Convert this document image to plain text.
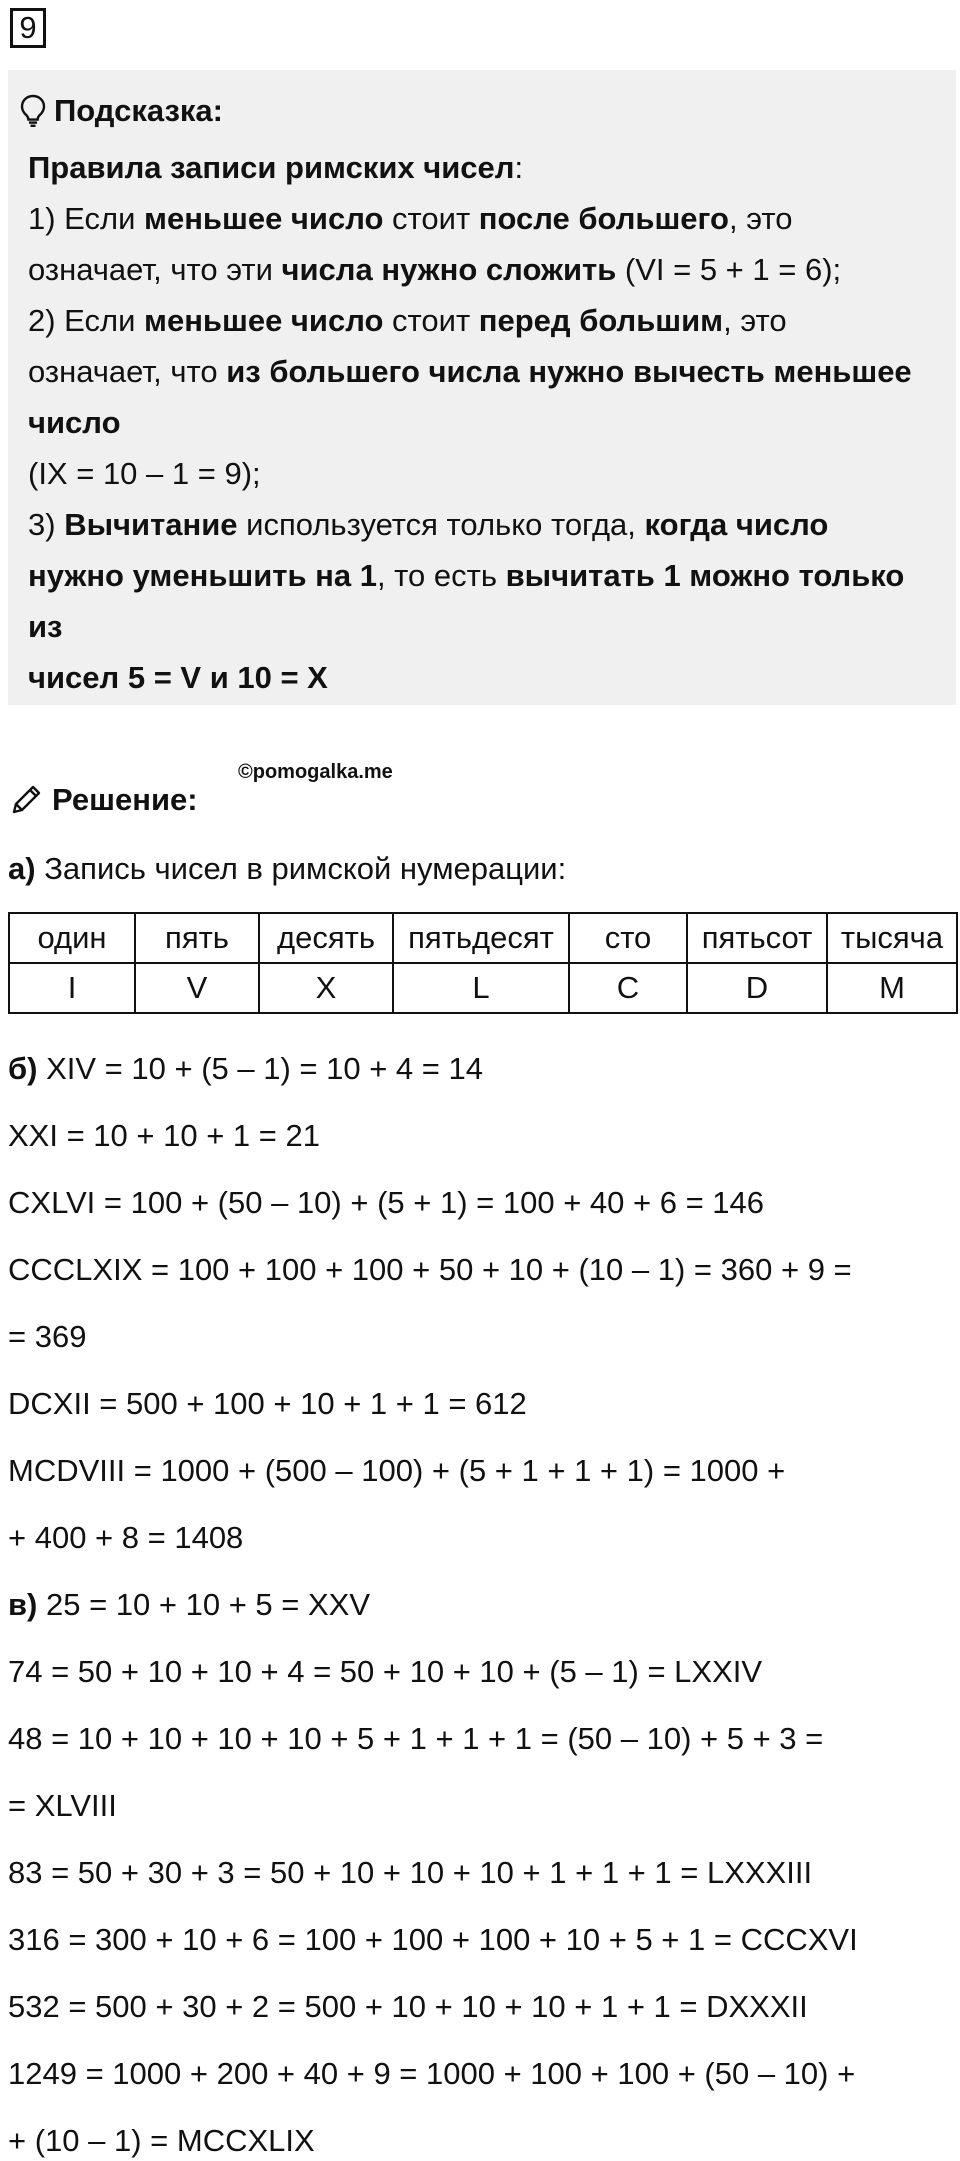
9
Подсказка:

Правила записи римских чисел:

1) Если меньшее число стоит после большего, это

означает, что эти числа нужно сложить (VI = 5 + 1 = 6);

2) Если меньшее число стоит перед большим, это

означает, что из большего числа нужно вычесть меньшее

число

(IX = 10 – 1 = 9);

3) Вычитание используется только тогда, когда число

нужно уменьшить на 1, то есть вычитать 1 можно только

из

чисел 5 = V и 10 = X

©pomogalka.me
Решение:
а) Запись чисел в римской нумерации:
один	пять	десять	пятьдесят	сто	пятьсот	тысяча
I	V	X	L	C	D	M
б) XIV = 10 + (5 – 1) = 10 + 4 = 14
XXI = 10 + 10 + 1 = 21
CXLVI = 100 + (50 – 10) + (5 + 1) = 100 + 40 + 6 = 146
CCCLXIX = 100 + 100 + 100 + 50 + 10 + (10 – 1) = 360 + 9 =
= 369
DCXII = 500 + 100 + 10 + 1 + 1 = 612
MCDVIII = 1000 + (500 – 100) + (5 + 1 + 1 + 1) = 1000 +
+ 400 + 8 = 1408
в) 25 = 10 + 10 + 5 = XXV
74 = 50 + 10 + 10 + 4 = 50 + 10 + 10 + (5 – 1) = LXXIV
48 = 10 + 10 + 10 + 10 + 5 + 1 + 1 + 1 = (50 – 10) + 5 + 3 =
= XLVIII
83 = 50 + 30 + 3 = 50 + 10 + 10 + 10 + 1 + 1 + 1 = LXXXIII
316 = 300 + 10 + 6 = 100 + 100 + 100 + 10 + 5 + 1 = CCCXVI
532 = 500 + 30 + 2 = 500 + 10 + 10 + 10 + 1 + 1 = DXXXII
1249 = 1000 + 200 + 40 + 9 = 1000 + 100 + 100 + (50 – 10) +
+ (10 – 1) = MCCXLIX
